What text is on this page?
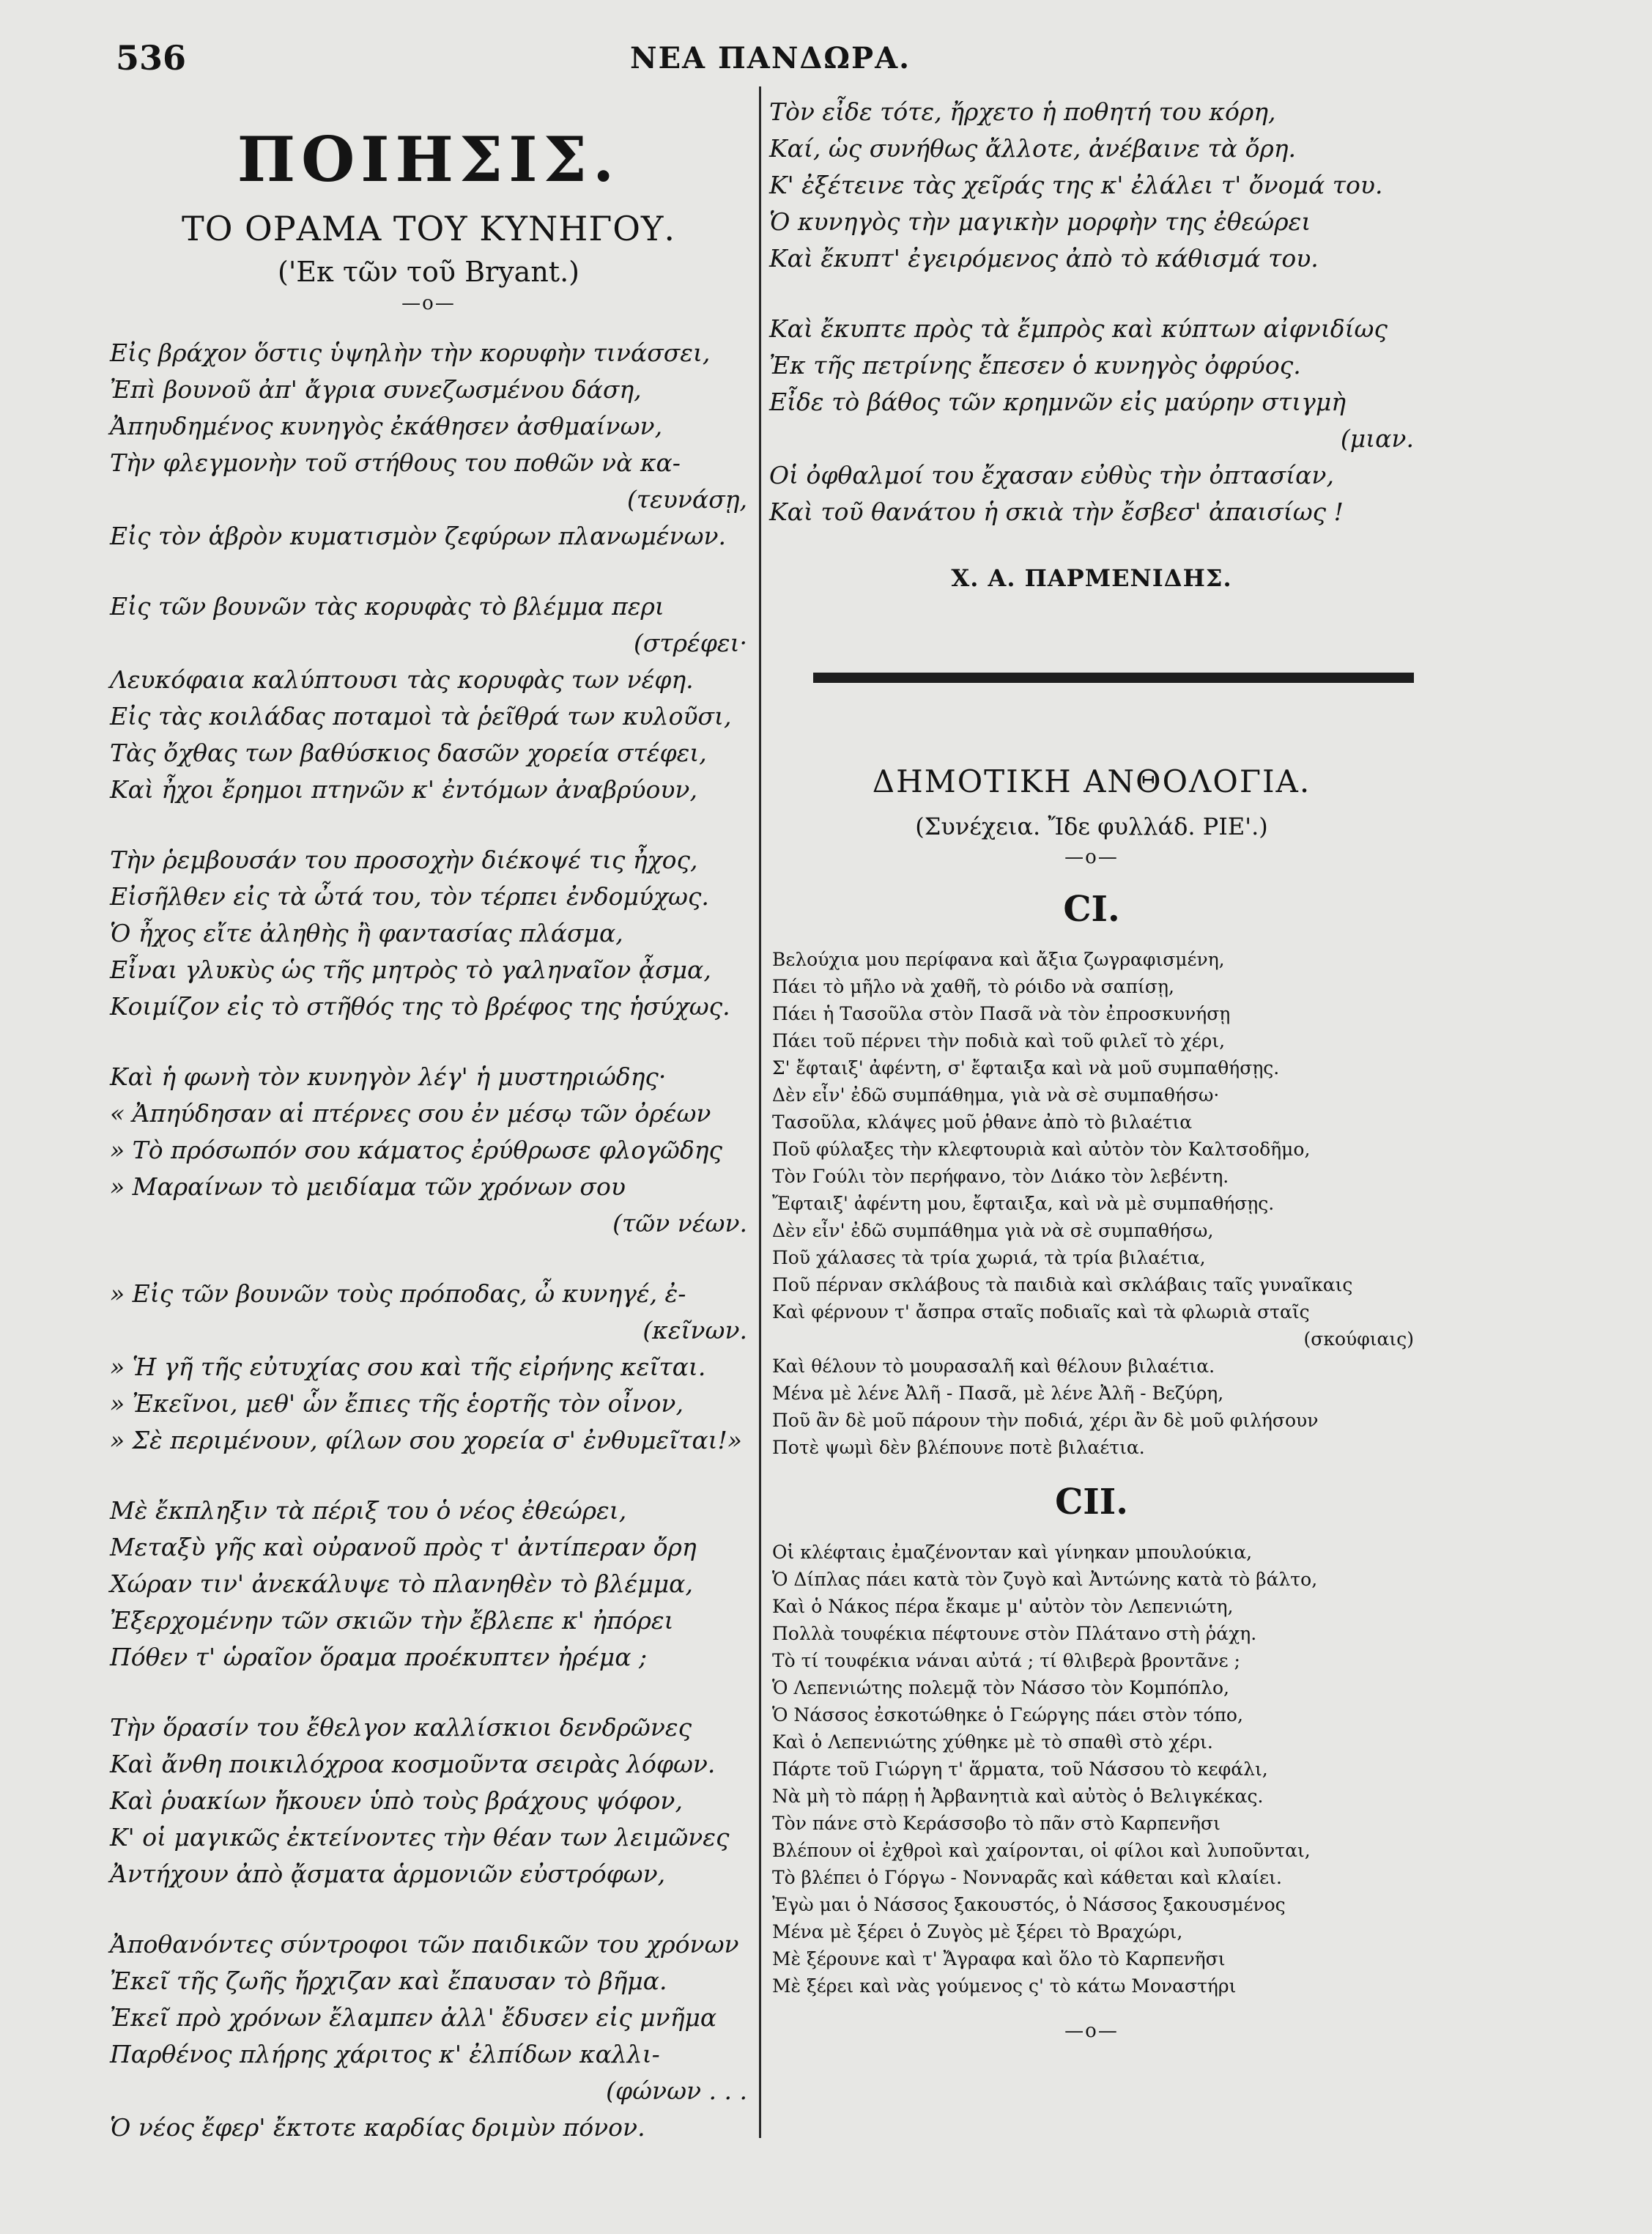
536	ΝΕΑ ΠΑΝΔΩΡΑ.
ΠΟΙΗΣΙΣ.
ΤΟ ΟΡΑΜΑ ΤΟΥ ΚΥΝΗΓΟΥ.
('Εκ τῶν τοῦ Bryant.)
—o—
Εἰς βράχον ὅστις ὑψηλὴν τὴν κορυφὴν τινάσσει,
Ἐπὶ βουνοῦ ἀπ' ἄγρια συνεζωσμένου δάση,
Ἀπηυδημένος κυνηγὸς ἐκάθησεν ἀσθμαίνων,
Τὴν φλεγμονὴν τοῦ στήθους του ποθῶν νὰ κα-
(τευνάσῃ,
Εἰς τὸν ἁβρὸν κυματισμὸν ζεφύρων πλανωμένων.
Εἰς τῶν βουνῶν τὰς κορυφὰς τὸ βλέμμα περι
(στρέφει·
Λευκόφαια καλύπτουσι τὰς κορυφὰς των νέφη.
Εἰς τὰς κοιλάδας ποταμοὶ τὰ ῥεῖθρά των κυλοῦσι,
Τὰς ὄχθας των βαθύσκιος δασῶν χορεία στέφει,
Καὶ ἦχοι ἔρημοι πτηνῶν κ' ἐντόμων ἀναβρύουν,
Τὴν ῥεμβουσάν του προσοχὴν διέκοψέ τις ἦχος,
Εἰσῆλθεν εἰς τὰ ὦτά του, τὸν τέρπει ἐνδομύχως.
Ὁ ἦχος εἴτε ἀληθὴς ἢ φαντασίας πλάσμα,
Εἶναι γλυκὺς ὡς τῆς μητρὸς τὸ γαληναῖον ᾆσμα,
Κοιμίζον εἰς τὸ στῆθός της τὸ βρέφος της ἡσύχως.
Καὶ ἡ φωνὴ τὸν κυνηγὸν λέγ' ἡ μυστηριώδης·
« Ἀπηύδησαν αἱ πτέρνες σου ἐν μέσῳ τῶν ὀρέων
» Τὸ πρόσωπόν σου κάματος ἐρύθρωσε φλογῶδης
» Μαραίνων τὸ μειδίαμα τῶν χρόνων σου
(τῶν νέων.
» Εἰς τῶν βουνῶν τοὺς πρόποδας, ὦ κυνηγέ, ἐ-
(κεῖνων.
» Ἡ γῆ τῆς εὐτυχίας σου καὶ τῆς εἰρήνης κεῖται.
» Ἐκεῖνοι, μεθ' ὧν ἔπιες τῆς ἑορτῆς τὸν οἶνον,
» Σὲ περιμένουν, φίλων σου χορεία σ' ἐνθυμεῖται!»
Μὲ ἔκπληξιν τὰ πέριξ του ὁ νέος ἐθεώρει,
Μεταξὺ γῆς καὶ οὐρανοῦ πρὸς τ' ἀντίπεραν ὄρη
Χώραν τιν' ἀνεκάλυψε τὸ πλανηθὲν τὸ βλέμμα,
Ἐξερχομένην τῶν σκιῶν τὴν ἔβλεπε κ' ἠπόρει
Πόθεν τ' ὡραῖον ὅραμα προέκυπτεν ἠρέμα ;
Τὴν ὅρασίν του ἔθελγον καλλίσκιοι δενδρῶνες
Καὶ ἄνθη ποικιλόχροα κοσμοῦντα σειρὰς λόφων.
Καὶ ῥυακίων ἤκουεν ὑπὸ τοὺς βράχους ψόφον,
Κ' οἱ μαγικῶς ἐκτείνοντες τὴν θέαν των λειμῶνες
Ἀντήχουν ἀπὸ ᾄσματα ἁρμονιῶν εὐστρόφων,
Ἀποθανόντες σύντροφοι τῶν παιδικῶν του χρόνων
Ἐκεῖ τῆς ζωῆς ἤρχιζαν καὶ ἔπαυσαν τὸ βῆμα.
Ἐκεῖ πρὸ χρόνων ἔλαμπεν ἀλλ' ἔδυσεν εἰς μνῆμα
Παρθένος πλήρης χάριτος κ' ἐλπίδων καλλι-
(φώνων . . .
Ὁ νέος ἔφερ' ἔκτοτε καρδίας δριμὺν πόνον.
Τὸν εἶδε τότε, ἤρχετο ἡ ποθητή του κόρη,
Καί, ὡς συνήθως ἄλλοτε, ἀνέβαινε τὰ ὄρη.
Κ' ἐξέτεινε τὰς χεῖράς της κ' ἐλάλει τ' ὄνομά του.
Ὁ κυνηγὸς τὴν μαγικὴν μορφὴν της ἐθεώρει
Καὶ ἔκυπτ' ἐγειρόμενος ἀπὸ τὸ κάθισμά του.
Καὶ ἔκυπτε πρὸς τὰ ἔμπρὸς καὶ κύπτων αἰφνιδίως
Ἐκ τῆς πετρίνης ἔπεσεν ὁ κυνηγὸς ὀφρύος.
Εἶδε τὸ βάθος τῶν κρημνῶν εἰς μαύρην στιγμὴ
(μιαν.
Οἱ ὀφθαλμοί του ἔχασαν εὐθὺς τὴν ὀπτασίαν,
Καὶ τοῦ θανάτου ἡ σκιὰ τὴν ἔσβεσ' ἀπαισίως !
Χ. Α. ΠΑΡΜΕΝΙΔΗΣ.
ΔΗΜΟΤΙΚΗ ΑΝΘΟΛΟΓΙΑ.
(Συνέχεια. Ἴδε φυλλάδ. ΡΙΕ'.)
—o—
CI.
Βελούχια μου περίφανα καὶ ἄξια ζωγραφισμένη,
Πάει τὸ μῆλο νὰ χαθῆ, τὸ ρόιδο νὰ σαπίσῃ,
Πάει ἡ Τασοῦλα στὸν Πασᾶ νὰ τὸν ἐπροσκυνήσῃ
Πάει τοῦ πέρνει τὴν ποδιὰ καὶ τοῦ φιλεῖ τὸ χέρι,
Σ' ἔφταιξ' ἀφέντη, σ' ἔφταιξα καὶ νὰ μοῦ συμπαθήσῃς.
Δὲν εἶν' ἐδῶ συμπάθημα, γιὰ νὰ σὲ συμπαθήσω·
Τασοῦλα, κλάψες μοῦ ῥθανε ἀπὸ τὸ βιλαέτια
Ποῦ φύλαξες τὴν κλεφτουριὰ καὶ αὐτὸν τὸν Καλτσοδῆμο,
Τὸν Γούλι τὸν περήφανο, τὸν Διάκο τὸν λεβέντη.
Ἔφταιξ' ἀφέντη μου, ἔφταιξα, καὶ νὰ μὲ συμπαθήσῃς.
Δὲν εἶν' ἐδῶ συμπάθημα γιὰ νὰ σὲ συμπαθήσω,
Ποῦ χάλασες τὰ τρία χωριά, τὰ τρία βιλαέτια,
Ποῦ πέρναν σκλάβους τὰ παιδιὰ καὶ σκλάβαις ταῖς γυναῖκαις
Καὶ φέρνουν τ' ἄσπρα σταῖς ποδιαῖς καὶ τὰ φλωριὰ σταῖς
(σκούφιαις)
Καὶ θέλουν τὸ μουρασαλῆ καὶ θέλουν βιλαέτια.
Μένα μὲ λένε Ἀλῆ - Πασᾶ, μὲ λένε Ἀλῆ - Βεζύρη,
Ποῦ ἂν δὲ μοῦ πάρουν τὴν ποδιά, χέρι ἂν δὲ μοῦ φιλήσουν
Ποτὲ ψωμὶ δὲν βλέπουνε ποτὲ βιλαέτια.
CII.
Οἱ κλέφταις ἐμαζένονταν καὶ γίνηκαν μπουλούκια,
Ὁ Δίπλας πάει κατὰ τὸν ζυγὸ καὶ Ἀντώνης κατὰ τὸ βάλτο,
Καὶ ὁ Νάκος πέρα ἔκαμε μ' αὐτὸν τὸν Λεπενιώτη,
Πολλὰ τουφέκια πέφτουνε στὸν Πλάτανο στὴ ῥάχη.
Τὸ τί τουφέκια νάναι αὐτά ; τί θλιβερὰ βροντᾶνε ;
Ὁ Λεπενιώτης πολεμᾷ τὸν Νάσσο τὸν Κομπόπλο,
Ὁ Νάσσος ἐσκοτώθηκε ὁ Γεώργης πάει στὸν τόπο,
Καὶ ὁ Λεπενιώτης χύθηκε μὲ τὸ σπαθὶ στὸ χέρι.
Πάρτε τοῦ Γιώργη τ' ἅρματα, τοῦ Νάσσου τὸ κεφάλι,
Νὰ μὴ τὸ πάρῃ ἡ Ἀρβανητιὰ καὶ αὐτὸς ὁ Βελιγκέκας.
Τὸν πάνε στὸ Κεράσσοβο τὸ πᾶν στὸ Καρπενῆσι
Βλέπουν οἱ ἐχθροὶ καὶ χαίρονται, οἱ φίλοι καὶ λυποῦνται,
Τὸ βλέπει ὁ Γόργω - Νονναρᾶς καὶ κάθεται καὶ κλαίει.
Ἐγὼ μαι ὁ Νάσσος ξακουστός, ὁ Νάσσος ξακουσμένος
Μένα μὲ ξέρει ὁ Ζυγὸς μὲ ξέρει τὸ Βραχώρι,
Μὲ ξέρουνε καὶ τ' Ἄγραφα καὶ ὅλο τὸ Καρπενῆσι
Μὲ ξέρει καὶ νὰς γούμενος ς' τὸ κάτω Μοναστήρι
—o—
